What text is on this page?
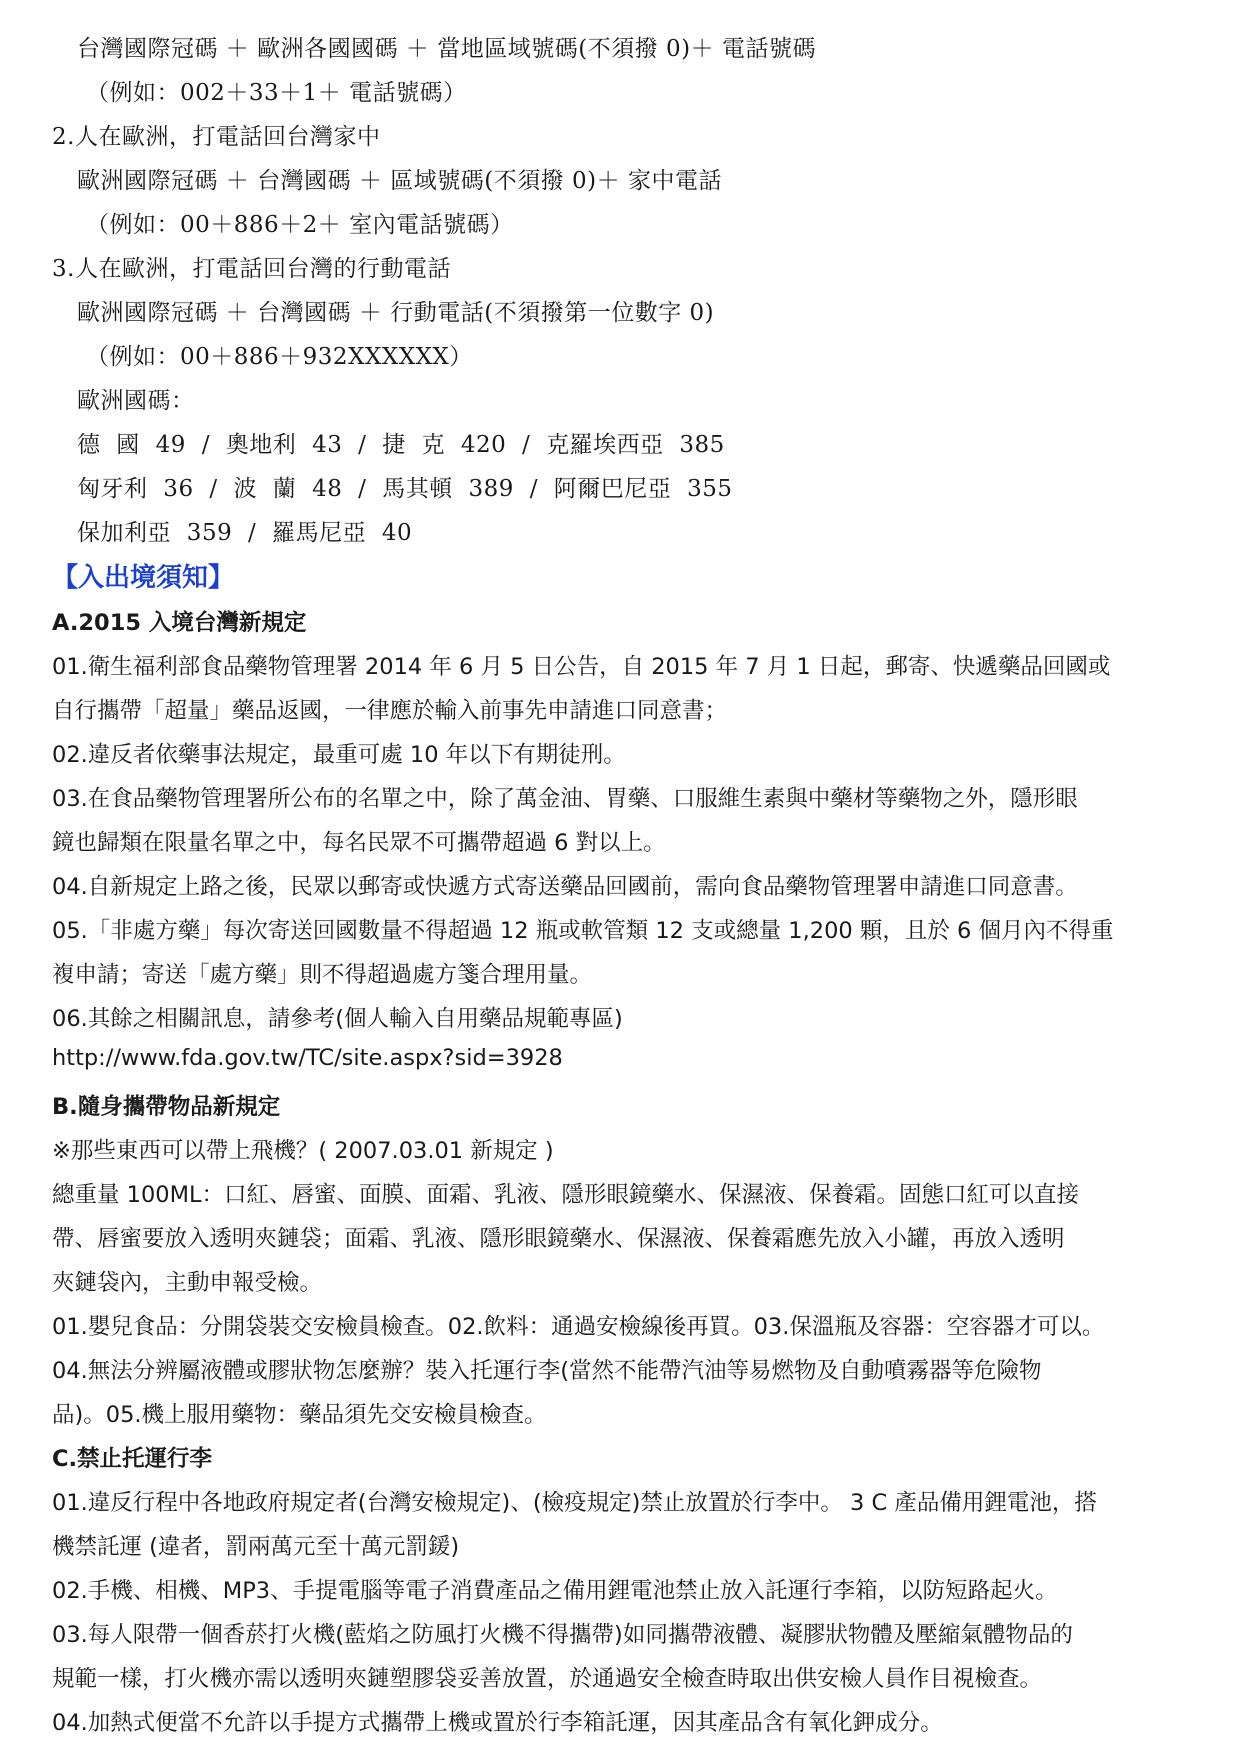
台灣國際冠碼 ＋ 歐洲各國國碼 ＋ 當地區域號碼(不須撥 0)＋ 電話號碼
（例如：002＋33＋1＋ 電話號碼）
2.人在歐洲，打電話回台灣家中
歐洲國際冠碼 ＋ 台灣國碼 ＋ 區域號碼(不須撥 0)＋ 家中電話
（例如：00＋886＋2＋ 室內電話號碼）
3.人在歐洲，打電話回台灣的行動電話
歐洲國際冠碼 ＋ 台灣國碼 ＋ 行動電話(不須撥第一位數字 0)
（例如：00＋886＋932XXXXXX）
歐洲國碼：
德 國 49 / 奧地利 43 / 捷 克 420 / 克羅埃西亞 385
匈牙利 36 / 波 蘭 48 / 馬其頓 389 / 阿爾巴尼亞 355
保加利亞 359 / 羅馬尼亞 40
【入出境須知】
A.2015 入境台灣新規定
01.衛生福利部食品藥物管理署 2014 年 6 月 5 日公告，自 2015 年 7 月 1 日起，郵寄、快遞藥品回國或
自行攜帶「超量」藥品返國，一律應於輸入前事先申請進口同意書；
02.違反者依藥事法規定，最重可處 10 年以下有期徒刑。
03.在食品藥物管理署所公布的名單之中，除了萬金油、胃藥、口服維生素與中藥材等藥物之外，隱形眼
鏡也歸類在限量名單之中，每名民眾不可攜帶超過 6 對以上。
04.自新規定上路之後，民眾以郵寄或快遞方式寄送藥品回國前，需向食品藥物管理署申請進口同意書。
05.「非處方藥」每次寄送回國數量不得超過 12 瓶或軟管類 12 支或總量 1,200 顆，且於 6 個月內不得重
複申請；寄送「處方藥」則不得超過處方箋合理用量。
06.其餘之相關訊息，請參考(個人輸入自用藥品規範專區)
http://www.fda.gov.tw/TC/site.aspx?sid=3928
B.隨身攜帶物品新規定
※那些東西可以帶上飛機？( 2007.03.01 新規定 )
總重量 100ML：口紅、唇蜜、面膜、面霜、乳液、隱形眼鏡藥水、保濕液、保養霜。固態口紅可以直接
帶、唇蜜要放入透明夾鏈袋；面霜、乳液、隱形眼鏡藥水、保濕液、保養霜應先放入小罐，再放入透明
夾鏈袋內，主動申報受檢。
01.嬰兒食品：分開袋裝交安檢員檢查。02.飲料：通過安檢線後再買。03.保溫瓶及容器：空容器才可以。
04.無法分辨屬液體或膠狀物怎麼辦？裝入托運行李(當然不能帶汽油等易燃物及自動噴霧器等危險物
品)。05.機上服用藥物：藥品須先交安檢員檢查。
C.禁止托運行李
01.違反行程中各地政府規定者(台灣安檢規定)、(檢疫規定)禁止放置於行李中。 3 C 產品備用鋰電池，搭
機禁託運 (違者，罰兩萬元至十萬元罰鍰)
02.手機、相機、MP3、手提電腦等電子消費產品之備用鋰電池禁止放入託運行李箱，以防短路起火。
03.每人限帶一個香菸打火機(藍焰之防風打火機不得攜帶)如同攜帶液體、凝膠狀物體及壓縮氣體物品的
規範一樣，打火機亦需以透明夾鏈塑膠袋妥善放置，於通過安全檢查時取出供安檢人員作目視檢查。
04.加熱式便當不允許以手提方式攜帶上機或置於行李箱託運，因其產品含有氧化鉀成分。
